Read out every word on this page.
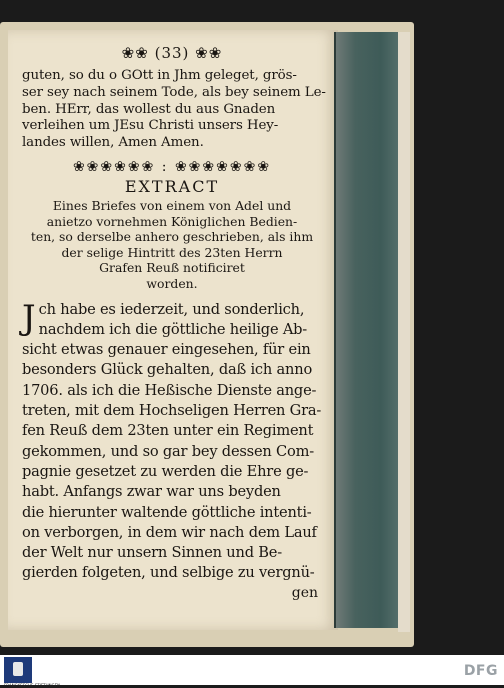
❀❀ (33) ❀❀
guten, so du o GOtt in Jhm geleget, grös-
ser sey nach seinem Tode, als bey seinem Le-
ben. HErr, das wollest du aus Gnaden
verleihen um JEsu Christi unsers Hey-
landes willen, Amen Amen.
❀❀❀❀❀❀ : ❀❀❀❀❀❀❀
EXTRACT
Eines Briefes von einem von Adel und
anietzo vornehmen Königlichen Bedien-
ten, so derselbe anhero geschrieben, als ihm
der selige Hintritt des 23ten Herrn
Grafen Reuß notificiret
worden.
J ch habe es iederzeit, und sonderlich,
nachdem ich die göttliche heilige Ab-
sicht etwas genauer eingesehen, für ein
besonders Glück gehalten, daß ich anno
1706. als ich die Heßische Dienste ange-
treten, mit dem Hochseligen Herren Gra-
fen Reuß dem 23ten unter ein Regiment
gekommen, und so gar bey dessen Com-
pagnie gesetzet zu werden die Ehre ge-
habt. Anfangs zwar war uns beyden
die hierunter waltende göttliche intenti-
on verborgen, in dem wir nach dem Lauf
der Welt nur unsern Sinnen und Be-
gierden folgeten, und selbige zu vergnü-
gen
FRANCKESCHE STIFTUNGEN
DFG
